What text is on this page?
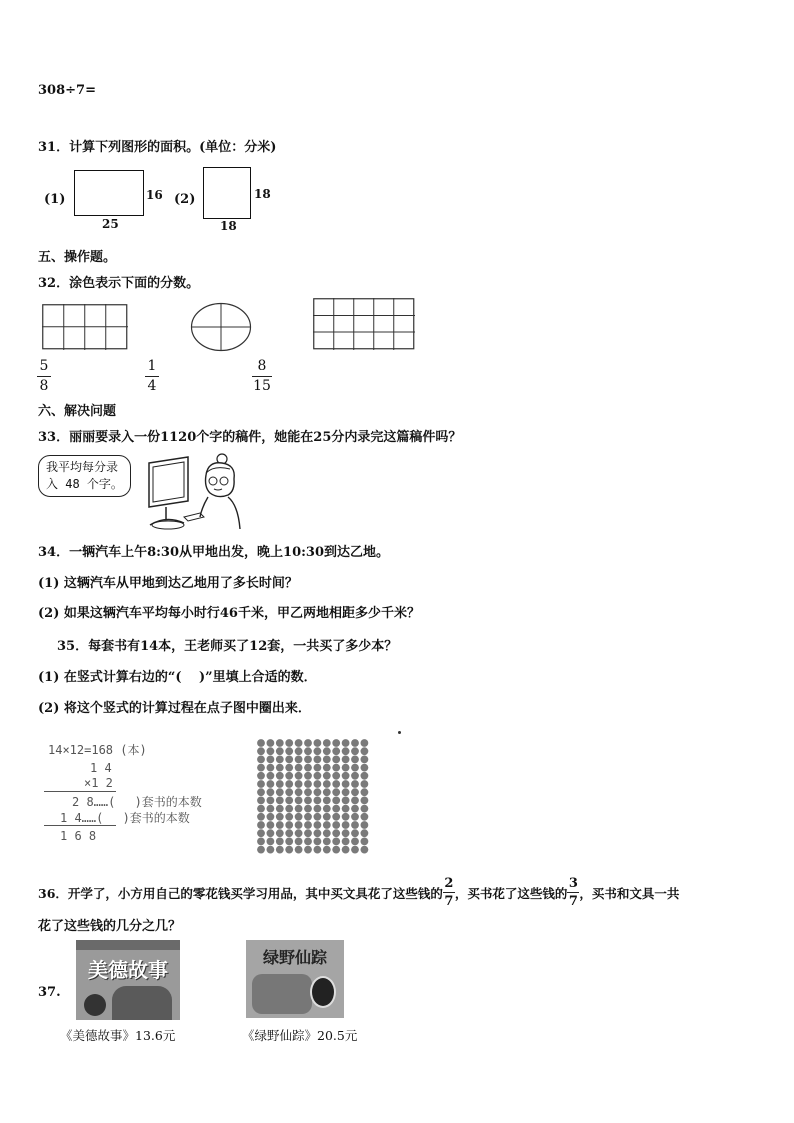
308÷7=
31．计算下列图形的面积。(单位：分米)
(1)	16
25
(2)	18
18
五、操作题。
32．涂色表示下面的分数。
5
8
1
4
8
15
六、解决问题
33．丽丽要录入一份1120个字的稿件，她能在25分内录完这篇稿件吗？
我平均每分录
入 48 个字。
34．一辆汽车上午8:30从甲地出发，晚上10:30到达乙地。
(1) 这辆汽车从甲地到达乙地用了多长时间？
(2) 如果这辆汽车平均每小时行46千米，甲乙两地相距多少千米？
35．每套书有14本，王老师买了12套，一共买了多少本？
(1) 在竖式计算右边的“(　 )”里填上合适的数．
(2) 将这个竖式的计算过程在点子图中圈出来．
14×12=168 (本)
1 4
×1 2
2 8……(　 )套书的本数
1 4……(　 )套书的本数
1 6 8
36．开学了，小方用自己的零花钱买学习用品，其中买文具花了这些钱的 $\frac{2}{7}$ ，买书花了这些钱的 $\frac{3}{7}$ ，买书和文具一共
花了这些钱的几分之几？
37.
美德故事
《美德故事》13.6元
绿野仙踪
《绿野仙踪》20.5元
